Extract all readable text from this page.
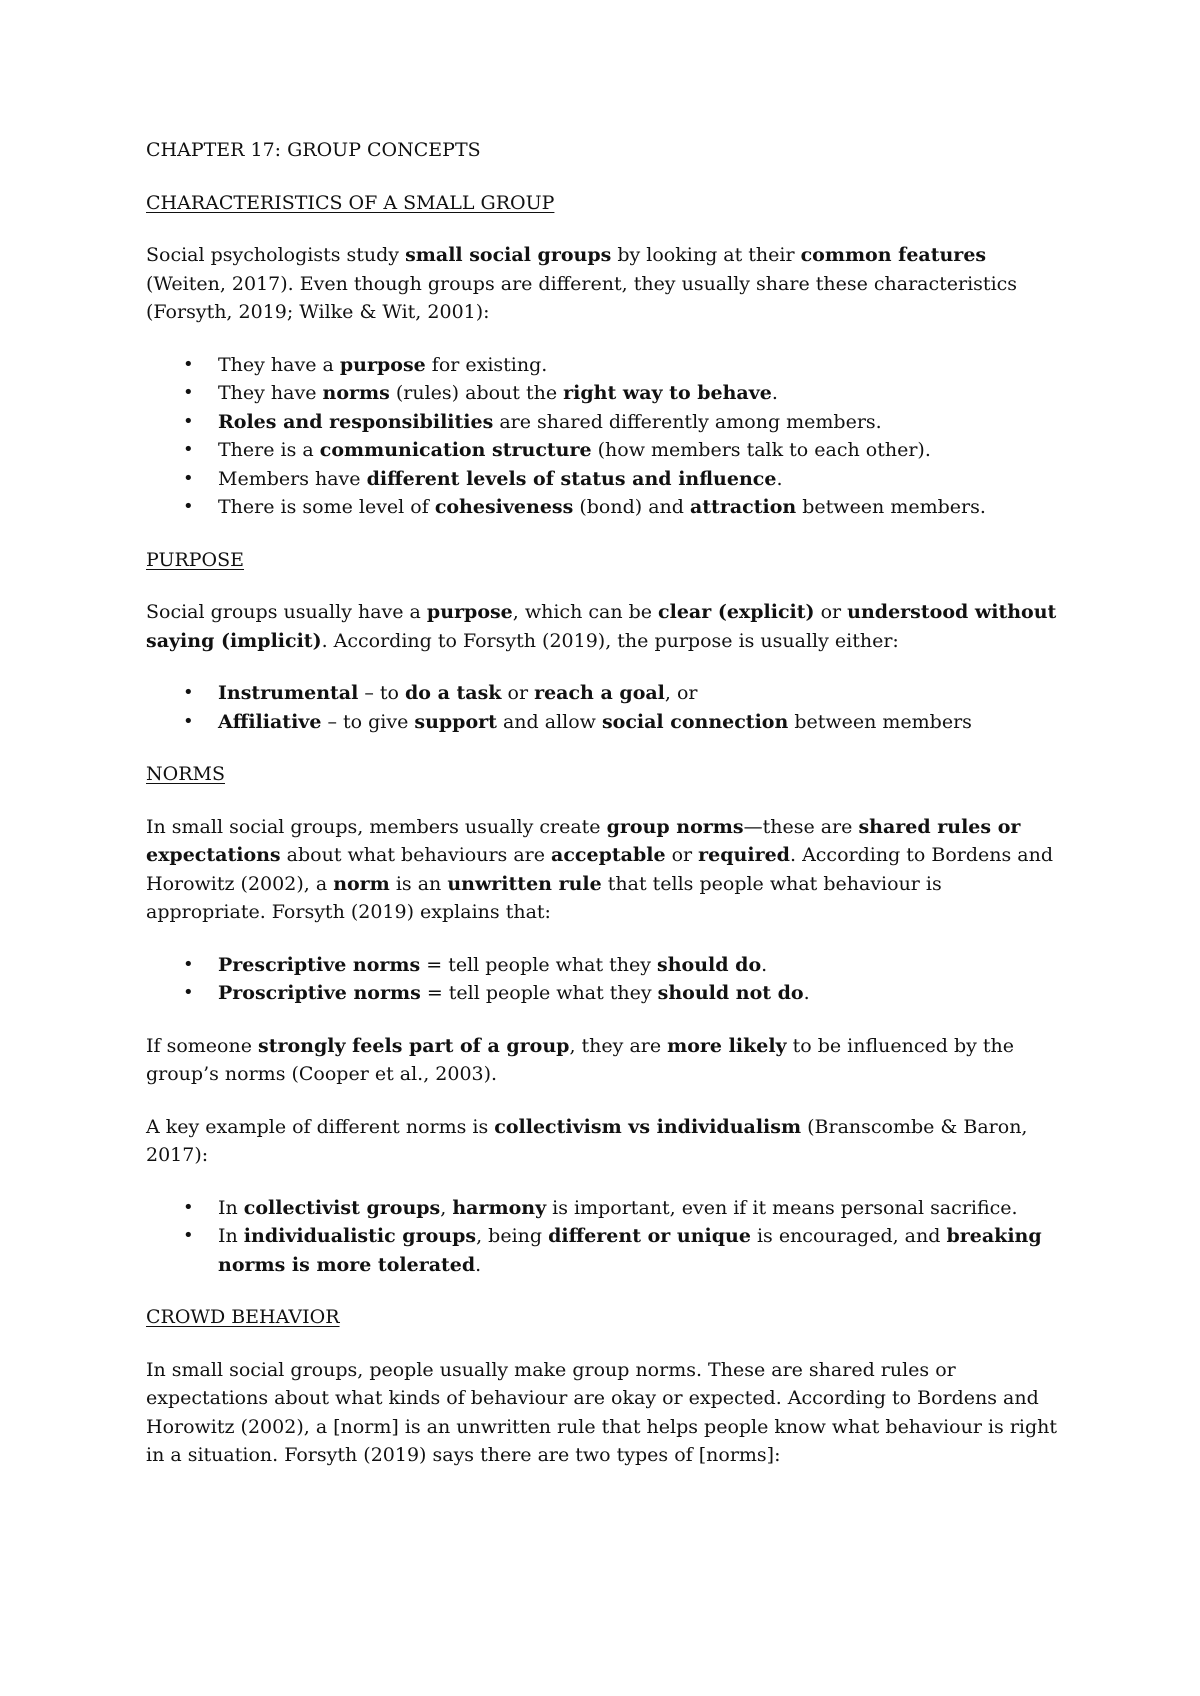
CHAPTER 17: GROUP CONCEPTS

CHARACTERISTICS OF A SMALL GROUP

Social psychologists study small social groups by looking at their common features (Weiten, 2017). Even though groups are different, they usually share these characteristics (Forsyth, 2019; Wilke & Wit, 2001):

• They have a purpose for existing.
• They have norms (rules) about the right way to behave.
• Roles and responsibilities are shared differently among members.
• There is a communication structure (how members talk to each other).
• Members have different levels of status and influence.
• There is some level of cohesiveness (bond) and attraction between members.

PURPOSE

Social groups usually have a purpose, which can be clear (explicit) or understood without saying (implicit). According to Forsyth (2019), the purpose is usually either:

• Instrumental – to do a task or reach a goal, or
• Affiliative – to give support and allow social connection between members

NORMS

In small social groups, members usually create group norms—these are shared rules or expectations about what behaviours are acceptable or required. According to Bordens and Horowitz (2002), a norm is an unwritten rule that tells people what behaviour is appropriate. Forsyth (2019) explains that:

• Prescriptive norms = tell people what they should do.
• Proscriptive norms = tell people what they should not do.

If someone strongly feels part of a group, they are more likely to be influenced by the group’s norms (Cooper et al., 2003).

A key example of different norms is collectivism vs individualism (Branscombe & Baron, 2017):

• In collectivist groups, harmony is important, even if it means personal sacrifice.
• In individualistic groups, being different or unique is encouraged, and breaking norms is more tolerated.

CROWD BEHAVIOR

In small social groups, people usually make group norms. These are shared rules or expectations about what kinds of behaviour are okay or expected. According to Bordens and Horowitz (2002), a [norm] is an unwritten rule that helps people know what behaviour is right in a situation. Forsyth (2019) says there are two types of [norms]:
